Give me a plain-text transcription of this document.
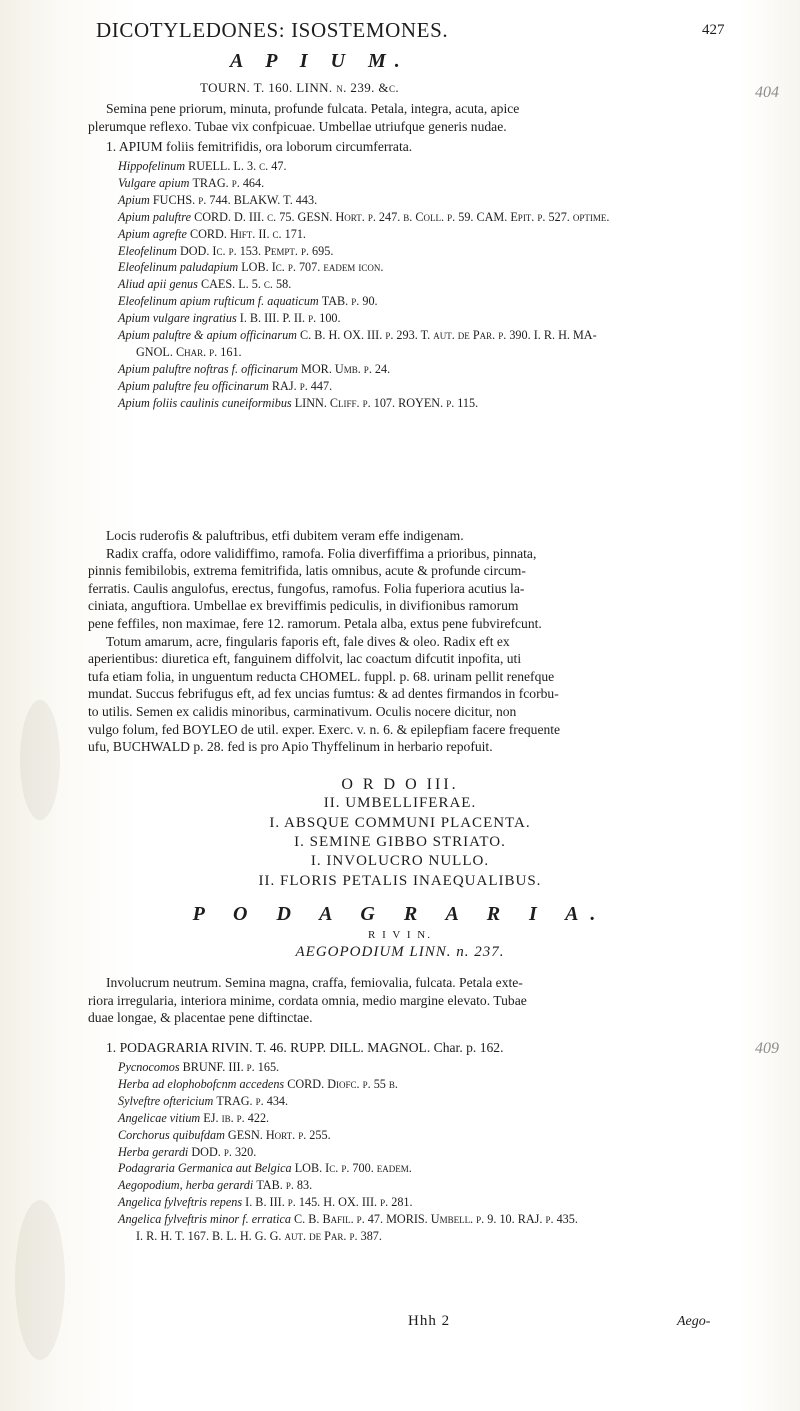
DICOTYLEDONES: ISOSTEMONES.	427
A P I U M.
TOURN. T. 160. LINN. n. 239. &c.

Semina pene priorum, minuta, profunde fulcata. Petala, integra, acuta, apice
plerumque reflexo. Tubae vix confpicuae. Umbellae utriufque generis nudae.

1. APIUM foliis femitrifidis, ora loborum circumferrata.
Hippofelinum RUELL. L. 3. c. 47.
Vulgare apium TRAG. p. 464.
Apium FUCHS. p. 744. BLAKW. T. 443.
Apium paluftre CORD. D. III. c. 75. GESN. Hort. p. 247. b. Coll. p. 59. CAM. Epit. p. 527. optime.
Apium agrefte CORD. Hift. II. c. 171.
Eleofelinum DOD. Ic. p. 153. Pempt. p. 695.
Eleofelinum paludapium LOB. Ic. p. 707. eadem icon.
Aliud apii genus CAES. L. 5. c. 58.
Eleofelinum apium rufticum f. aquaticum TAB. p. 90.
Apium vulgare ingratius I. B. III. P. II. p. 100.
Apium paluftre & apium officinarum C. B. H. OX. III. p. 293. T. aut. de Par. p. 390. I. R. H. MA-
GNOL. Char. p. 161.
Apium paluftre noftras f. officinarum MOR. Umb. p. 24.
Apium paluftre feu officinarum RAJ. p. 447.
Apium foliis caulinis cuneiformibus LINN. Cliff. p. 107. ROYEN. p. 115.

Locis ruderofis & paluftribus, etfi dubitem veram effe indigenam.
Radix craffa, odore validiffimo, ramofa. Folia diverfiffima a prioribus, pinnata,
pinnis femibilobis, extrema femitrifida, latis omnibus, acute & profunde circum-
ferratis. Caulis angulofus, erectus, fungofus, ramofus. Folia fuperiora acutius la-
ciniata, anguftiora. Umbellae ex breviffimis pediculis, in divifionibus ramorum
pene feffiles, non maximae, fere 12. ramorum. Petala alba, extus pene fubvirefcunt.
Totum amarum, acre, fingularis faporis eft, fale dives & oleo. Radix eft ex
aperientibus: diuretica eft, fanguinem diffolvit, lac coactum difcutit inpofita, uti
tufa etiam folia, in unguentum reducta CHOMEL. fuppl. p. 68. urinam pellit renefque
mundat. Succus febrifugus eft, ad fex uncias fumtus: & ad dentes firmandos in fcorbu-
to utilis. Semen ex calidis minoribus, carminativum. Oculis nocere dicitur, non
vulgo folum, fed BOYLEO de util. exper. Exerc. v. n. 6. & epilepfiam facere frequente
ufu, BUCHWALD p. 28. fed is pro Apio Thyffelinum in herbario repofuit.

O R D O III.
II. UMBELLIFERAE.
I. ABSQUE COMMUNI PLACENTA.
I. SEMINE GIBBO STRIATO.
I. INVOLUCRO NULLO.
II. FLORIS PETALIS INAEQUALIBUS.
P O D A G R A R I A.
R I V I N.
AEGOPODIUM LINN. n. 237.

Involucrum neutrum. Semina magna, craffa, femiovalia, fulcata. Petala exte-
riora irregularia, interiora minime, cordata omnia, medio margine elevato. Tubae
duae longae, & placentae pene diftinctae.

1. PODAGRARIA RIVIN. T. 46. RUPP. DILL. MAGNOL. Char. p. 162.
Pycnocomos BRUNF. III. p. 165.
Herba ad elophobofcnm accedens CORD. Diofc. p. 55 b.
Sylveftre oftericium TRAG. p. 434.
Angelicae vitium EJ. ib. p. 422.
Corchorus quibufdam GESN. Hort. p. 255.
Herba gerardi DOD. p. 320.
Podagraria Germanica aut Belgica LOB. Ic. p. 700. eadem.
Aegopodium, herba gerardi TAB. p. 83.
Angelica fylveftris repens I. B. III. p. 145. H. OX. III. p. 281.
Angelica fylveftris minor f. erratica C. B. Bafil. p. 47. MORIS. Umbell. p. 9. 10. RAJ. p. 435.
I. R. H. T. 167. B. L. H. G. G. aut. de Par. p. 387.
Hhh 2	Aego-
404
409
